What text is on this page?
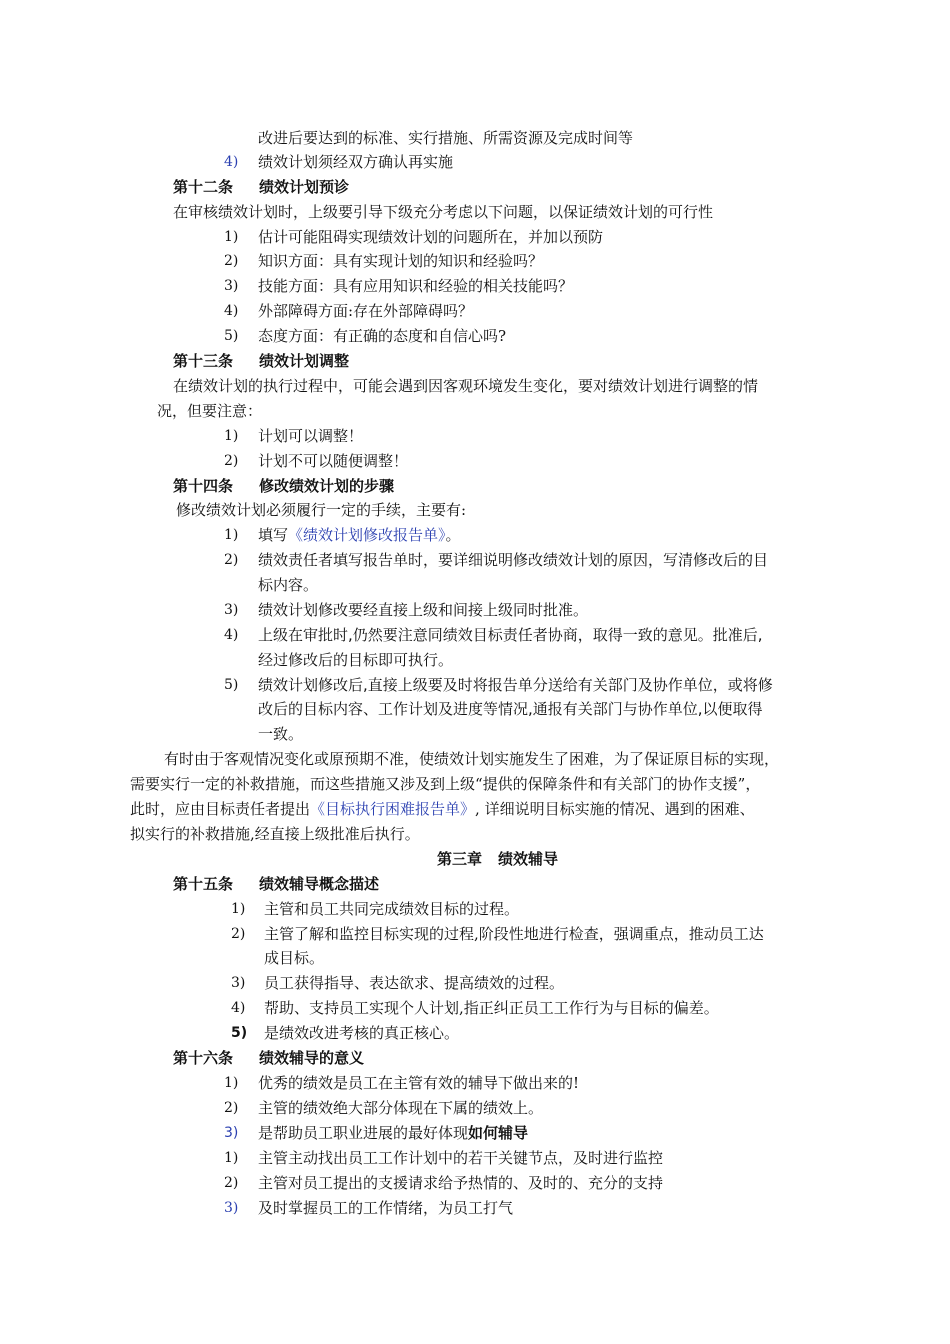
改进后要达到的标准、实行措施、所需资源及完成时间等
4) 绩效计划须经双方确认再实施
第十二条 绩效计划预诊
在审核绩效计划时，上级要引导下级充分考虑以下问题，以保证绩效计划的可行性
1) 估计可能阻碍实现绩效计划的问题所在，并加以预防
2) 知识方面：具有实现计划的知识和经验吗？
3) 技能方面：具有应用知识和经验的相关技能吗？
4) 外部障碍方面:存在外部障碍吗？
5) 态度方面：有正确的态度和自信心吗?
第十三条 绩效计划调整
在绩效计划的执行过程中，可能会遇到因客观环境发生变化，要对绩效计划进行调整的情
况，但要注意：
1) 计划可以调整！
2) 计划不可以随便调整！
第十四条 修改绩效计划的步骤
修改绩效计划必须履行一定的手续，主要有:
1) 填写《绩效计划修改报告单》。
2) 绩效责任者填写报告单时，要详细说明修改绩效计划的原因，写清修改后的目
标内容。
3) 绩效计划修改要经直接上级和间接上级同时批准。
4) 上级在审批时,仍然要注意同绩效目标责任者协商，取得一致的意见。批准后,
经过修改后的目标即可执行。
5) 绩效计划修改后,直接上级要及时将报告单分送给有关部门及协作单位，或将修
改后的目标内容、工作计划及进度等情况,通报有关部门与协作单位,以便取得
一致。
有时由于客观情况变化或原预期不准，使绩效计划实施发生了困难，为了保证原目标的实现，
需要实行一定的补救措施，而这些措施又涉及到上级“提供的保障条件和有关部门的协作支援”，
此时，应由目标责任者提出《目标执行困难报告单》, 详细说明目标实施的情况、遇到的困难、
拟实行的补救措施,经直接上级批准后执行。
第三章 绩效辅导
第十五条 绩效辅导概念描述
1) 主管和员工共同完成绩效目标的过程。
2) 主管了解和监控目标实现的过程,阶段性地进行检查，强调重点，推动员工达
成目标。
3) 员工获得指导、表达欲求、提高绩效的过程。
4) 帮助、支持员工实现个人计划,指正纠正员工工作行为与目标的偏差。
5) 是绩效改进考核的真正核心。
第十六条 绩效辅导的意义
1) 优秀的绩效是员工在主管有效的辅导下做出来的!
2) 主管的绩效绝大部分体现在下属的绩效上。
3) 是帮助员工职业进展的最好体现如何辅导
1) 主管主动找出员工工作计划中的若干关键节点，及时进行监控
2) 主管对员工提出的支援请求给予热情的、及时的、充分的支持
3) 及时掌握员工的工作情绪，为员工打气
